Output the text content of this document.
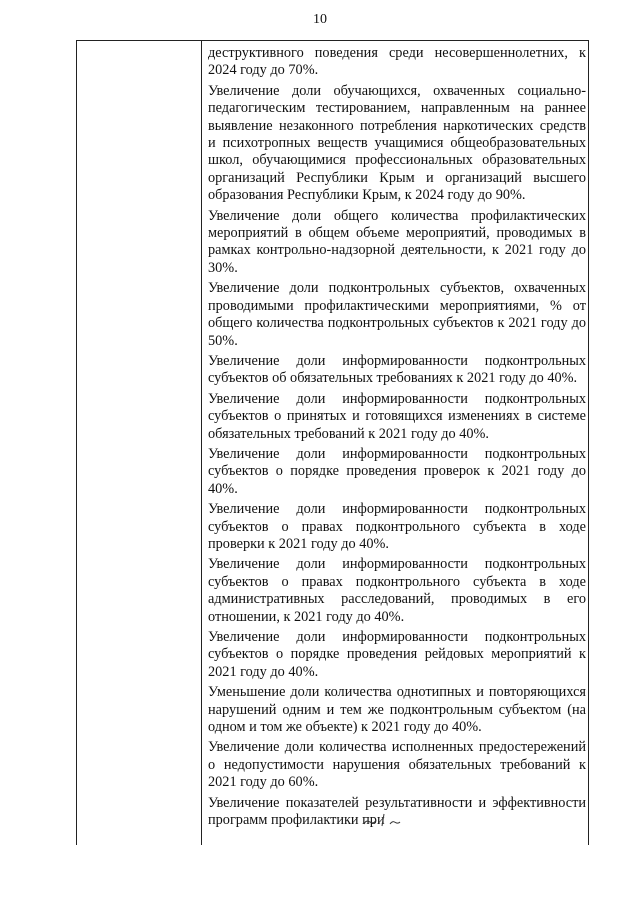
10

деструктивного поведения среди несовершеннолетних, к 2024 году до 70%.

Увеличение доли обучающихся, охваченных социально-педагогическим тестированием, направленным на раннее выявление незаконного потребления наркотических средств и психотропных веществ учащимися общеобразовательных школ, обучающимися профессиональных образовательных организаций Республики Крым и организаций высшего образования Республики Крым, к 2024 году до 90%.

Увеличение доли общего количества профилактических мероприятий в общем объеме мероприятий, проводимых в рамках контрольно-надзорной деятельности, к 2021 году до 30%.

Увеличение доли подконтрольных субъектов, охваченных проводимыми профилактическими мероприятиями, % от общего количества подконтрольных субъектов к 2021 году до 50%.

Увеличение доли информированности подконтрольных субъектов об обязательных требованиях к 2021 году до 40%.

Увеличение доли информированности подконтрольных субъектов о принятых и готовящихся изменениях в системе обязательных требований к 2021 году до 40%.

Увеличение доли информированности подконтрольных субъектов о порядке проведения проверок к 2021 году до 40%.

Увеличение доли информированности подконтрольных субъектов о правах подконтрольного субъекта в ходе проверки к 2021 году до 40%.

Увеличение доли информированности подконтрольных субъектов о правах подконтрольного субъекта в ходе административных расследований, проводимых в его отношении, к 2021 году до 40%.

Увеличение доли информированности подконтрольных субъектов о порядке проведения рейдовых мероприятий к 2021 году до 40%.

Уменьшение доли количества однотипных и повторяющихся нарушений одним и тем же подконтрольным субъектом (на одном и том же объекте) к 2021 году до 40%.

Увеличение доли количества исполненных предостережений о недопустимости нарушения обязательных требований к 2021 году до 60%.

Увеличение показателей результативности и эффективности программ профилактики при
